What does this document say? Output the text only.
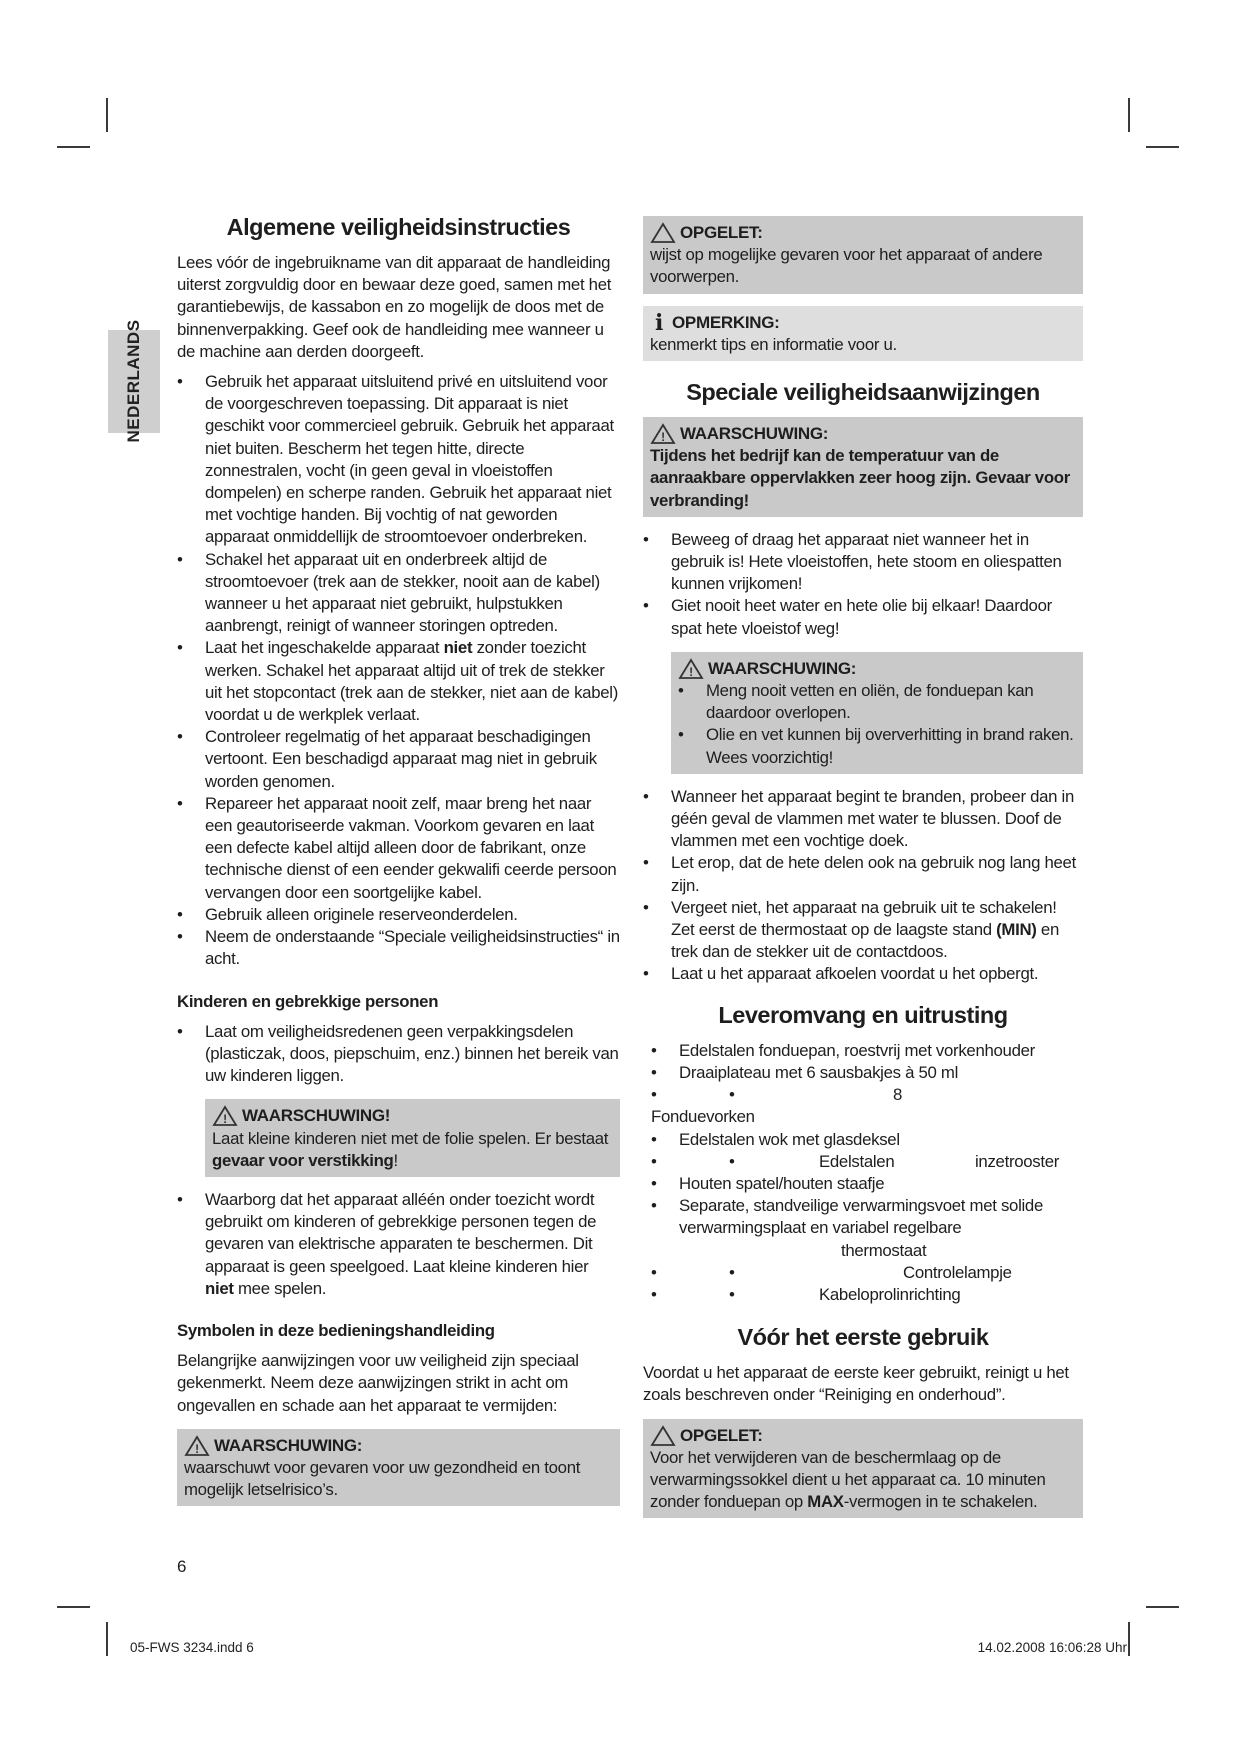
NEDERLANDS
Algemene veiligheidsinstructies

Lees vóór de ingebruikname van dit apparaat de handleiding uiterst zorgvuldig door en bewaar deze goed, samen met het garantiebewijs, de kassabon en zo mogelijk de doos met de binnenverpakking. Geef ook de handleiding mee wanneer u de machine aan derden doorgeeft.

• Gebruik het apparaat uitsluitend privé en uitsluitend voor de voorgeschreven toepassing. Dit apparaat is niet geschikt voor commercieel gebruik. Gebruik het apparaat niet buiten. Bescherm het tegen hitte, directe zonnestralen, vocht (in geen geval in vloeistoffen dompelen) en scherpe randen. Gebruik het apparaat niet met vochtige handen. Bij vochtig of nat geworden apparaat onmiddellijk de stroomtoevoer onderbreken.
• Schakel het apparaat uit en onderbreek altijd de stroomtoevoer (trek aan de stekker, nooit aan de kabel) wanneer u het apparaat niet gebruikt, hulpstukken aanbrengt, reinigt of wanneer storingen optreden.
• Laat het ingeschakelde apparaat niet zonder toezicht werken. Schakel het apparaat altijd uit of trek de stekker uit het stopcontact (trek aan de stekker, niet aan de kabel) voordat u de werkplek verlaat.
• Controleer regelmatig of het apparaat beschadigingen vertoont. Een beschadigd apparaat mag niet in gebruik worden genomen.
• Repareer het apparaat nooit zelf, maar breng het naar een geautoriseerde vakman. Voorkom gevaren en laat een defecte kabel altijd alleen door de fabrikant, onze technische dienst of een eender gekwalifi ceerde persoon vervangen door een soortgelijke kabel.
• Gebruik alleen originele reserveonderdelen.
• Neem de onderstaande “Speciale veiligheidsinstructies“ in acht.
Kinderen en gebrekkige personen
• Laat om veiligheidsredenen geen verpakkingsdelen (plasticzak, doos, piepschuim, enz.) binnen het bereik van uw kinderen liggen.
! WAARSCHUWING!
Laat kleine kinderen niet met de folie spelen. Er bestaat gevaar voor verstikking!
• Waarborg dat het apparaat alléén onder toezicht wordt gebruikt om kinderen of gebrekkige personen tegen de gevaren van elektrische apparaten te beschermen. Dit apparaat is geen speelgoed. Laat kleine kinderen hier niet mee spelen.
Symbolen in deze bedieningshandleiding

Belangrijke aanwijzingen voor uw veiligheid zijn speciaal gekenmerkt. Neem deze aanwijzingen strikt in acht om ongevallen en schade aan het apparaat te vermijden:

! WAARSCHUWING:
waarschuwt voor gevaren voor uw gezondheid en toont mogelijk letselrisico’s.
OPGELET:
wijst op mogelijke gevaren voor het apparaat of andere voorwerpen.
i OPMERKING:
kenmerkt tips en informatie voor u.
Speciale veiligheidsaanwijzingen
! WAARSCHUWING:
Tijdens het bedrijf kan de temperatuur van de aanraakbare oppervlakken zeer hoog zijn. Gevaar voor verbranding!
• Beweeg of draag het apparaat niet wanneer het in gebruik is! Hete vloeistoffen, hete stoom en oliespatten kunnen vrijkomen!
• Giet nooit heet water en hete olie bij elkaar! Daardoor spat hete vloeistof weg!
! WAARSCHUWING:
• Meng nooit vetten en oliën, de fonduepan kan daardoor overlopen.
• Olie en vet kunnen bij oververhitting in brand raken. Wees voorzichtig!
• Wanneer het apparaat begint te branden, probeer dan in géén geval de vlammen met water te blussen. Doof de vlammen met een vochtige doek.
• Let erop, dat de hete delen ook na gebruik nog lang heet zijn.
• Vergeet niet, het apparaat na gebruik uit te schakelen! Zet eerst de thermostaat op de laagste stand (MIN) en trek dan de stekker uit de contactdoos.
• Laat u het apparaat afkoelen voordat u het opbergt.
Leveromvang en uitrusting
• Edelstalen fonduepan, roestvrij met vorkenhouder
• Draaiplateau met 6 sausbakjes à 50 ml
• •	8Fonduevorken
• Edelstalen wok met glasdeksel
• •	Edelstalen	inzetrooster
• Houten spatel/houten staafje
• Separate, standveilige verwarmingsvoet met solide verwarmingsplaat en variabel regelbare
thermostaat
• •	Controlelampje
• •	Kabeloprolinrichting
Vóór het eerste gebruik

Voordat u het apparaat de eerste keer gebruikt, reinigt u het zoals beschreven onder “Reiniging en onderhoud”.

OPGELET:
Voor het verwijderen van de beschermlaag op de verwarmingssokkel dient u het apparaat ca. 10 minuten zonder fonduepan op MAX-vermogen in te schakelen.
6
05-FWS 3234.indd 6	14.02.2008 16:06:28 Uhr
